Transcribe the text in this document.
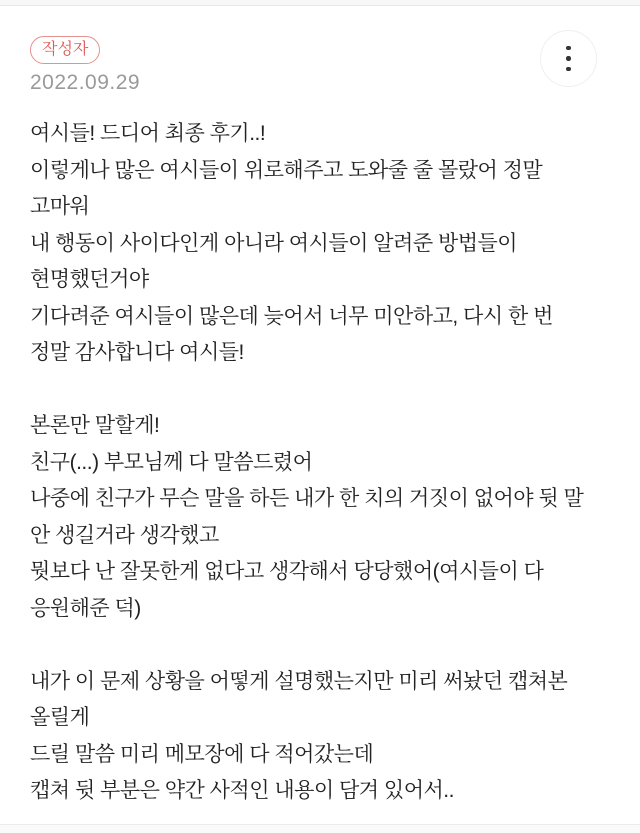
작성자
2022.09.29
여시들! 드디어 최종 후기..!
이렇게나 많은 여시들이 위로해주고 도와줄 줄 몰랐어 정말
고마워
내 행동이 사이다인게 아니라 여시들이 알려준 방법들이
현명했던거야
기다려준 여시들이 많은데 늦어서 너무 미안하고, 다시 한 번
정말 감사합니다 여시들!

본론만 말할게!
친구(...) 부모님께 다 말씀드렸어
나중에 친구가 무슨 말을 하든 내가 한 치의 거짓이 없어야 뒷 말
안 생길거라 생각했고
뭣보다 난 잘못한게 없다고 생각해서 당당했어(여시들이 다
응원해준 덕)

내가 이 문제 상황을 어떻게 설명했는지만 미리 써놨던 캡쳐본
올릴게
드릴 말씀 미리 메모장에 다 적어갔는데
캡쳐 뒷 부분은 약간 사적인 내용이 담겨 있어서..
